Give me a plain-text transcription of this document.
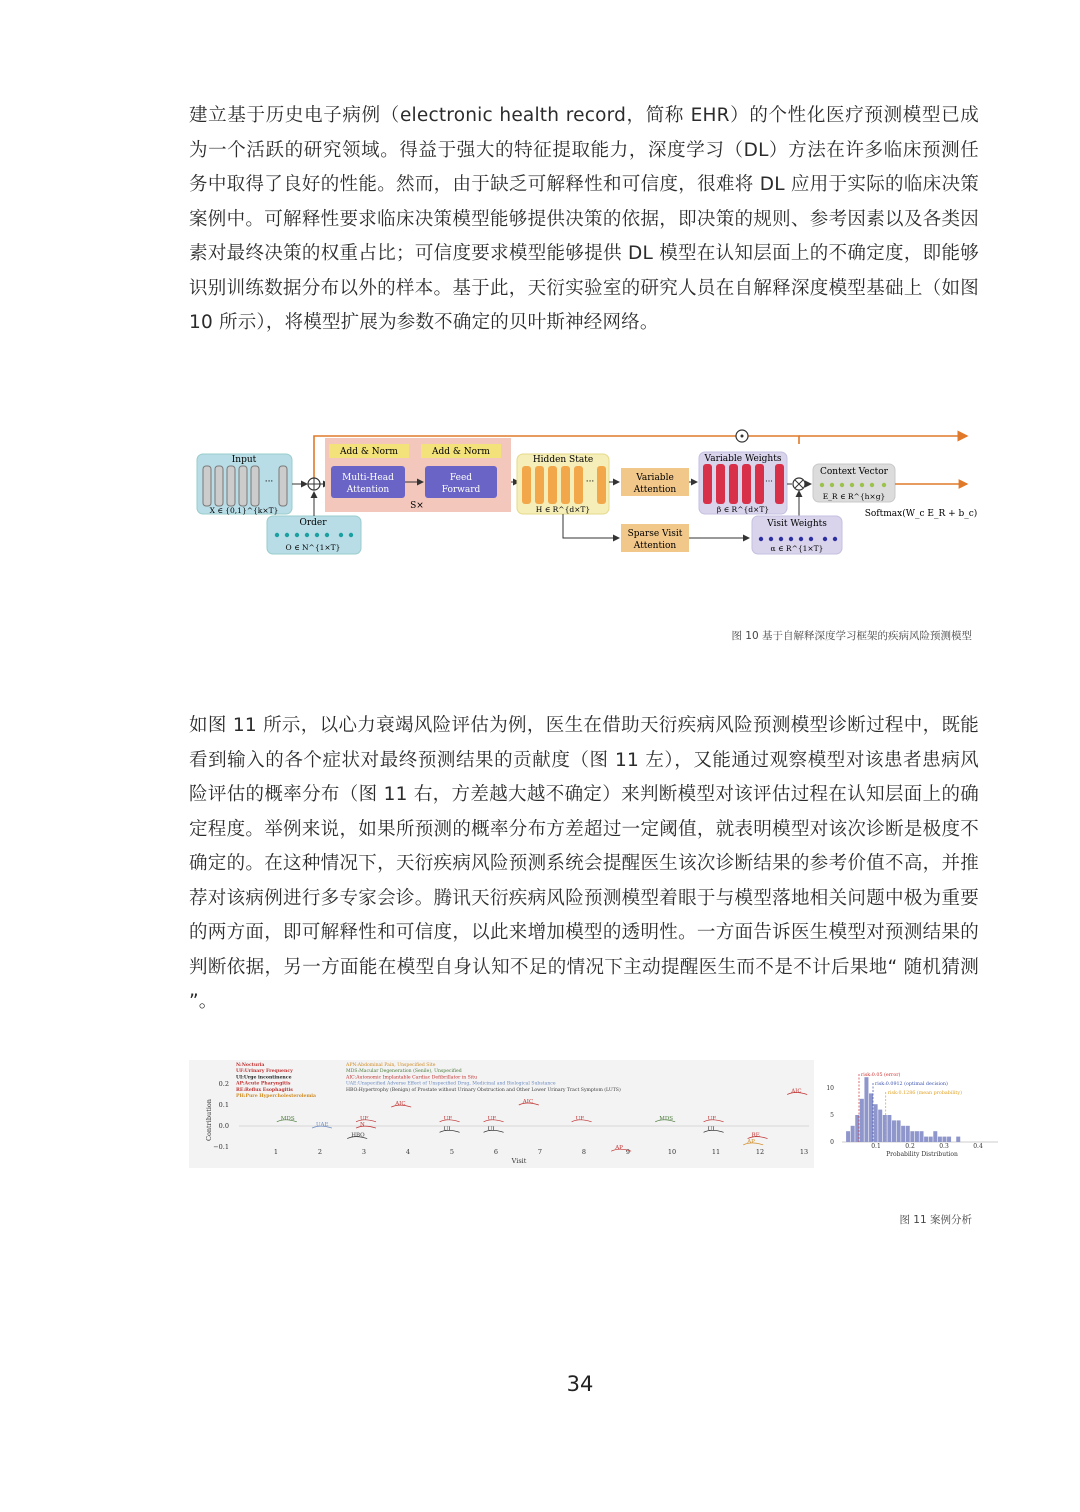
建立基于历史电子病例（electronic health record，简称 EHR）的个性化医疗预测模型已成为一个活跃的研究领域。得益于强大的特征提取能力，深度学习（DL）方法在许多临床预测任务中取得了良好的性能。然而，由于缺乏可解释性和可信度，很难将 DL 应用于实际的临床决策案例中。可解释性要求临床决策模型能够提供决策的依据，即决策的规则、参考因素以及各类因素对最终决策的权重占比；可信度要求模型能够提供 DL 模型在认知层面上的不确定度，即能够识别训练数据分布以外的样本。基于此，天衍实验室的研究人员在自解释深度模型基础上（如图 10 所示），将模型扩展为参数不确定的贝叶斯神经网络。

Input
···
X ∈ {0,1}^{k×T}
Order
O ∈ N^{1×T}
Add & Norm	Add & Norm
Multi-Head
Attention
Feed
Forward
S×
Hidden State
···
H ∈ R^{d×T}
Variable
Attention
Variable Weights
···
β ∈ R^{d×T}
Sparse Visit
Attention
Visit Weights
α ∈ R^{1×T}
Context Vector
E_R ∈ R^{h×g}
Softmax(W_c E_R + b_c)
图 10 基于自解释深度学习框架的疾病风险预测模型

如图 11 所示，以心力衰竭风险评估为例，医生在借助天衍疾病风险预测模型诊断过程中，既能看到输入的各个症状对最终预测结果的贡献度（图 11 左），又能通过观察模型对该患者患病风险评估的概率分布（图 11 右，方差越大越不确定）来判断模型对该评估过程在认知层面上的确定程度。举例来说，如果所预测的概率分布方差超过一定阈值，就表明模型对该次诊断是极度不确定的。在这种情况下，天衍疾病风险预测系统会提醒医生该次诊断结果的参考价值不高，并推荐对该病例进行多专家会诊。腾讯天衍疾病风险预测模型着眼于与模型落地相关问题中极为重要的两方面，即可解释性和可信度，以此来增加模型的透明性。一方面告诉医生模型对预测结果的判断依据，另一方面能在模型自身认知不足的情况下主动提醒医生而不是不计后果地“ 随机猜测 ”。

N:Nocturia
UF:Urinary Frequency
UI:Urge incontinence
AP:Acute Pharyngitis
RE:Reflux Esophagitis
PH:Pure Hypercholesterolemia
APN:Abdominal Pain, Unspecified Site
MDS:Macular Degeneration (Senile), Unspecified
AIC:Autonomic Implantable Cardiac Defibrillator in Situ
UAE:Unspecified Adverse Effect of Unspecified Drug, Medicinal and Biological Substance
HBO:Hypertrophy (Benign) of Prostate without Urinary Obstruction and Other Lower Urinary Tract Symptom (LUTS)
0.2
0.1
0.0
−0.1
1	2	3	4	5	6	7	8	9	10	11	12	13
Visit
Contribution	MDS
UAE
UF
N
HBO
AIC
UF
UI
UF
UI
AIC
UF
AP
MDS	UF
UI
RE
AP
AIC	10
5
0
0.1	0.2	0.3	0.4
Probability Distribution
risk:0.05 (error)
risk:0.0912 (optimal decision)
risk:0.1286 (mean probability)
图 11 案例分析
34
